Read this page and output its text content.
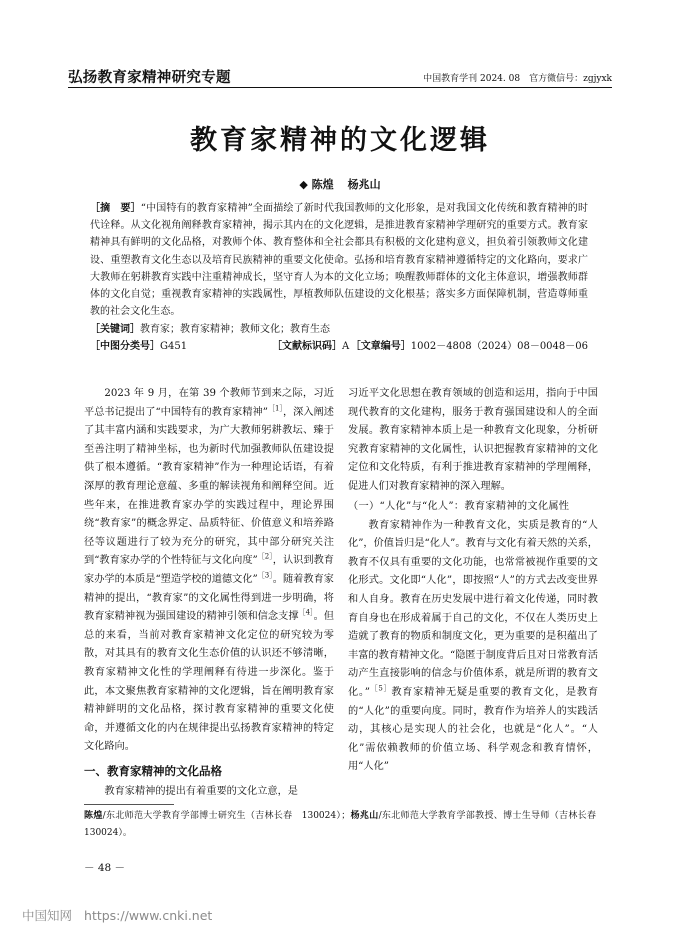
弘扬教育家精神研究专题	中国教育学刊 2024. 08　官方微信号：zgjyxk
教育家精神的文化逻辑
◆ 陈煌 杨兆山
［摘　要］“中国特有的教育家精神”全面描绘了新时代我国教师的文化形象，是对我国文化传统和教育精神的时代诠释。从文化视角阐释教育家精神，揭示其内在的文化逻辑，是推进教育家精神学理研究的重要方式。教育家精神具有鲜明的文化品格，对教师个体、教育整体和全社会都具有积极的文化建构意义，担负着引领教师文化建设、重塑教育文化生态以及培育民族精神的重要文化使命。弘扬和培育教育家精神遵循特定的文化路向，要求广大教师在躬耕教育实践中注重精神成长，坚守育人为本的文化立场；唤醒教师群体的文化主体意识，增强教师群体的文化自觉；重视教育家精神的实践属性，厚植教师队伍建设的文化根基；落实多方面保障机制，营造尊师重教的社会文化生态。
［关键词］教育家；教育家精神；教师文化；教育生态
［中图分类号］G451	［文献标识码］A ［文章编号］1002－4808（2024）08－0048－06

2023 年 9 月，在第 39 个教师节到来之际，习近平总书记提出了“中国特有的教育家精神”$^{[1]}$，深入阐述了其丰富内涵和实践要求，为广大教师躬耕教坛、臻于至善注明了精神坐标，也为新时代加强教师队伍建设提供了根本遵循。“教育家精神”作为一种理论话语，有着深厚的教育理论意蕴、多重的解读视角和阐释空间。近些年来，在推进教育家办学的实践过程中，理论界围绕“教育家”的概念界定、品质特征、价值意义和培养路径等议题进行了较为充分的研究，其中部分研究关注到“教育家办学的个性特征与文化向度”$^{[2]}$，认识到教育家办学的本质是“塑造学校的道德文化”$^{[3]}$。随着教育家精神的提出，“教育家”的文化属性得到进一步明确，将教育家精神视为强国建设的精神引领和信念支撑$^{[4]}$。但总的来看，当前对教育家精神文化定位的研究较为零散，对其具有的教育文化生态价值的认识还不够清晰，教育家精神文化性的学理阐释有待进一步深化。鉴于此，本文聚焦教育家精神的文化逻辑，旨在阐明教育家精神鲜明的文化品格，探讨教育家精神的重要文化使命，并遵循文化的内在规律提出弘扬教育家精神的特定文化路向。

一、教育家精神的文化品格

教育家精神的提出有着重要的文化立意，是

习近平文化思想在教育领域的创造和运用，指向于中国现代教育的文化建构，服务于教育强国建设和人的全面发展。教育家精神本质上是一种教育文化现象，分析研究教育家精神的文化属性，认识把握教育家精神的文化定位和文化特质，有利于推进教育家精神的学理阐释，促进人们对教育家精神的深入理解。

（一）“人化”与“化人”：教育家精神的文化属性

教育家精神作为一种教育文化，实质是教育的“人化”，价值旨归是“化人”。教育与文化有着天然的关系，教育不仅具有重要的文化功能，也常常被视作重要的文化形式。文化即“人化”，即按照“人”的方式去改变世界和人自身。教育在历史发展中进行着文化传递，同时教育自身也在形成着属于自己的文化，不仅在人类历史上造就了教育的物质和制度文化，更为重要的是积蕴出了丰富的教育精神文化。“隐匿于制度背后且对日常教育活动产生直接影响的信念与价值体系，就是所谓的教育文化。”$^{[5]}$教育家精神无疑是重要的教育文化，是教育的“人化”的重要向度。同时，教育作为培养人的实践活动，其核心是实现人的社会化，也就是“化人”。“人化”需依赖教师的价值立场、科学观念和教育情怀，用“人化”

陈煌/东北师范大学教育学部博士研究生（吉林长春　130024）；杨兆山/东北师范大学教育学部教授、博士生导师（吉林长春　130024）。
－ 48 －
中国知网 https://www.cnki.net
